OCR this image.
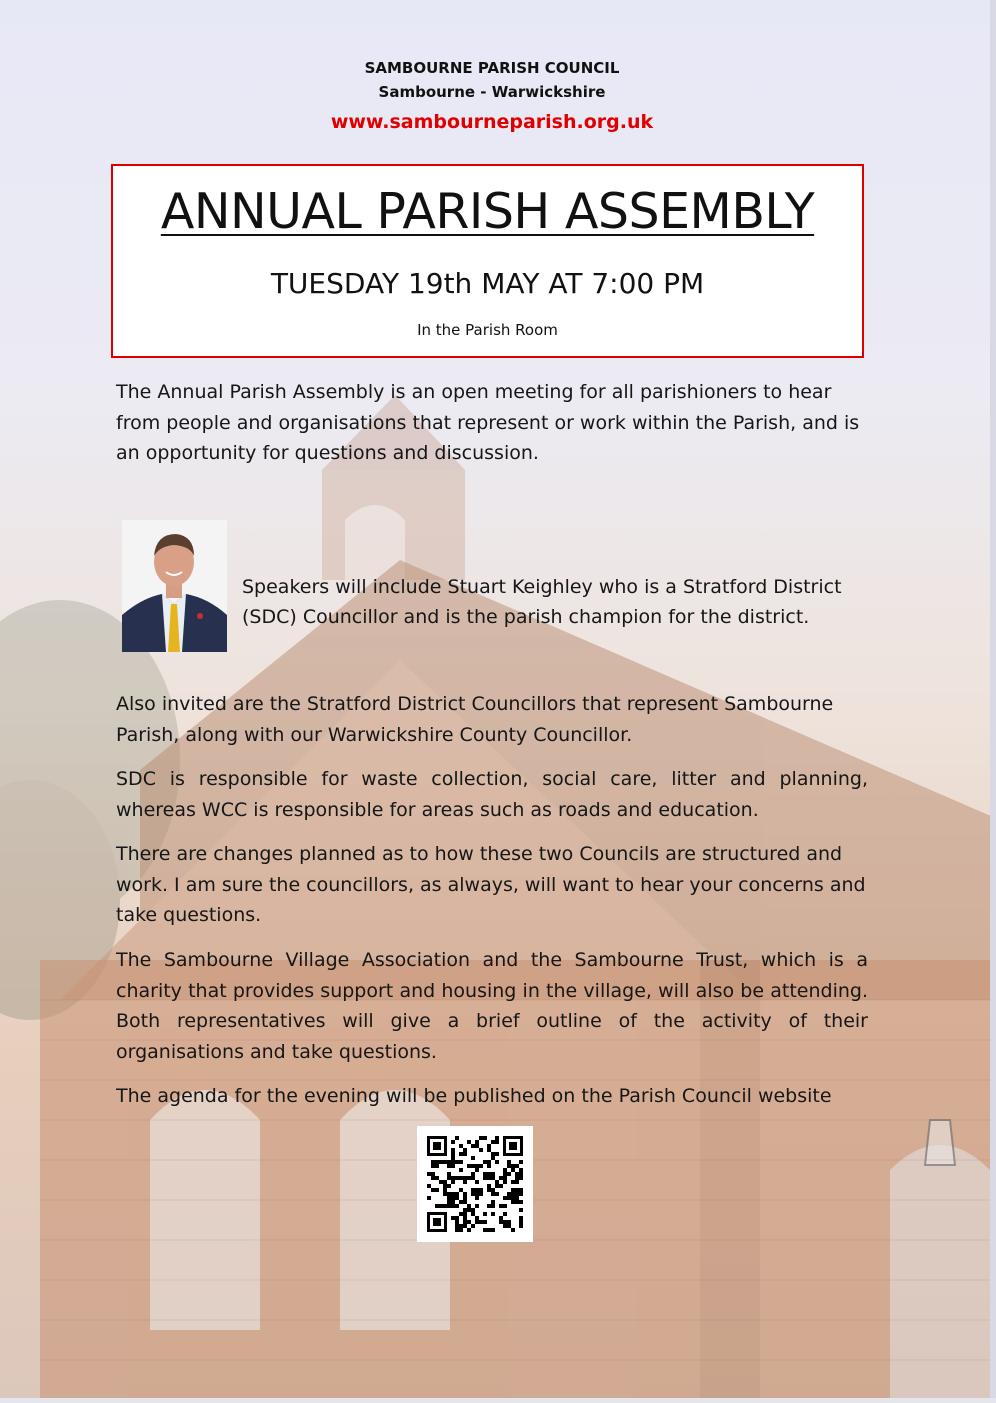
SAMBOURNE PARISH COUNCIL
Sambourne - Warwickshire
www.sambourneparish.org.uk
ANNUAL PARISH ASSEMBLY
TUESDAY 19th MAY AT 7:00 PM
In the Parish Room

The Annual Parish Assembly is an open meeting for all parishioners to hear from people and organisations that represent or work within the Parish, and is an opportunity for questions and discussion.

Speakers will include Stuart Keighley who is a Stratford District (SDC) Councillor and is the parish champion for the district.

Also invited are the Stratford District Councillors that represent Sambourne Parish, along with our Warwickshire County Councillor.

SDC is responsible for waste collection, social care, litter and planning, whereas WCC is responsible for areas such as roads and education.

There are changes planned as to how these two Councils are structured and work. I am sure the councillors, as always, will want to hear your concerns and take questions.

The Sambourne Village Association and the Sambourne Trust, which is a charity that provides support and housing in the village, will also be attending. Both representatives will give a brief outline of the activity of their organisations and take questions.

The agenda for the evening will be published on the Parish Council website
